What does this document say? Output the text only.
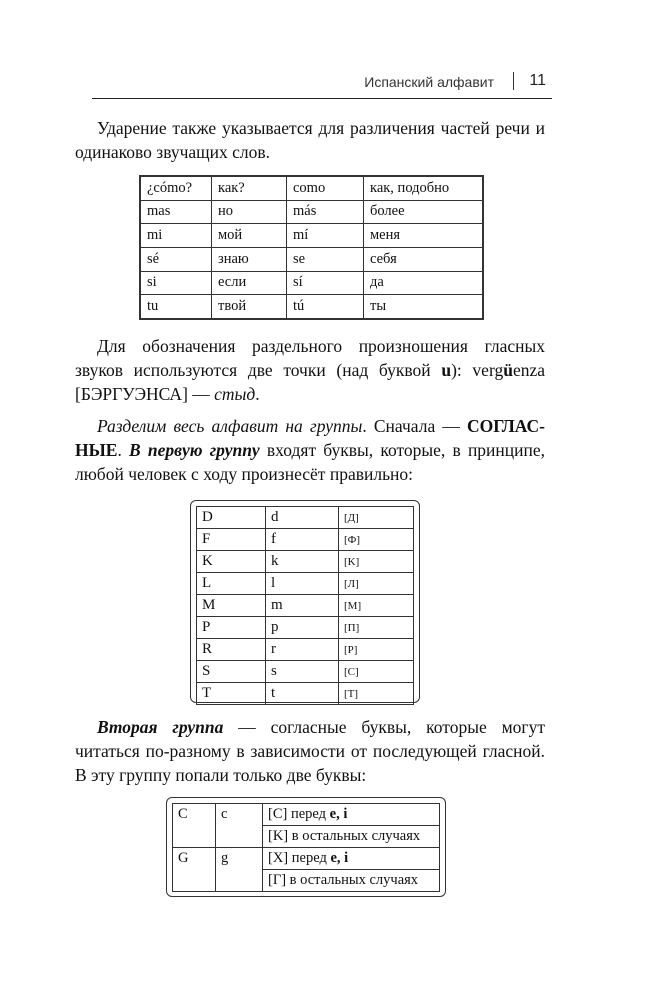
Испанский алфавит 11
Ударение также указывается для различения частей речи и одинаково звучащих слов.
¿cómo?	как?	como	как, подобно
mas	но	más	более
mi	мой	mí	меня
sé	знаю	se	себя
si	если	sí	да
tu	твой	tú	ты
Для обозначения раздельного произношения гласных звуков используются две точки (над буквой u): vergüenza [БЭРГУЭНСА] — стыд.
Разделим весь алфавит на группы. Сначала — СОГЛАС-НЫЕ. В первую группу входят буквы, которые, в принципе, любой человек с ходу произнесёт правильно:
D	d	[Д]
F	f	[Ф]
K	k	[K]
L	l	[Л]
M	m	[M]
P	p	[П]
R	r	[P]
S	s	[C]
T	t	[T]
Вторая группа — согласные буквы, которые могут читаться по-разному в зависимости от последующей гласной. В эту группу попали только две буквы:
C	c	[C] перед e, i
		[K] в остальных случаях
G	g	[X] перед e, i
		[Г] в остальных случаях
